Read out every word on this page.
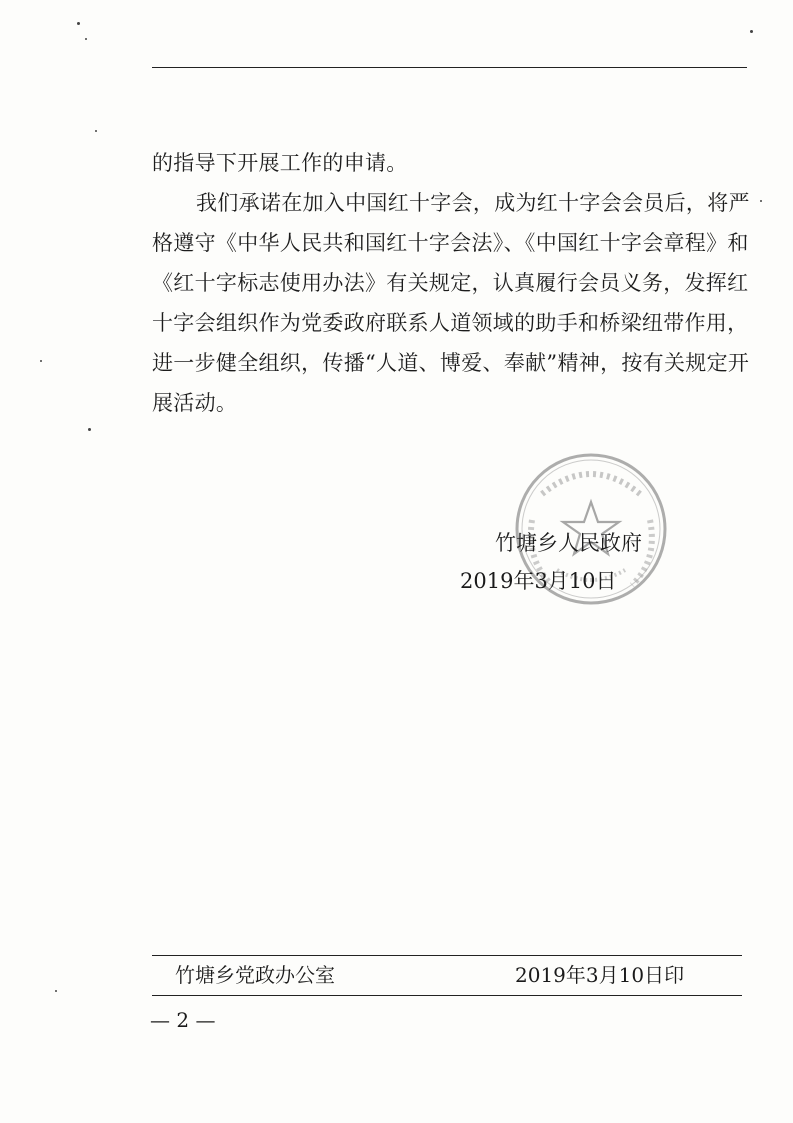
的指导下开展工作的申请。

我们承诺在加入中国红十字会，成为红十字会会员后，将严

格遵守《中华人民共和国红十字会法》、《中国红十字会章程》和

《红十字标志使用办法》有关规定，认真履行会员义务，发挥红

十字会组织作为党委政府联系人道领域的助手和桥梁纽带作用，

进一步健全组织，传播“人道、博爱、奉献”精神，按有关规定开

展活动。

竹塘乡人民政府
2019年3月10日
竹塘乡党政办公室	2019年3月10日印
— 2 —
